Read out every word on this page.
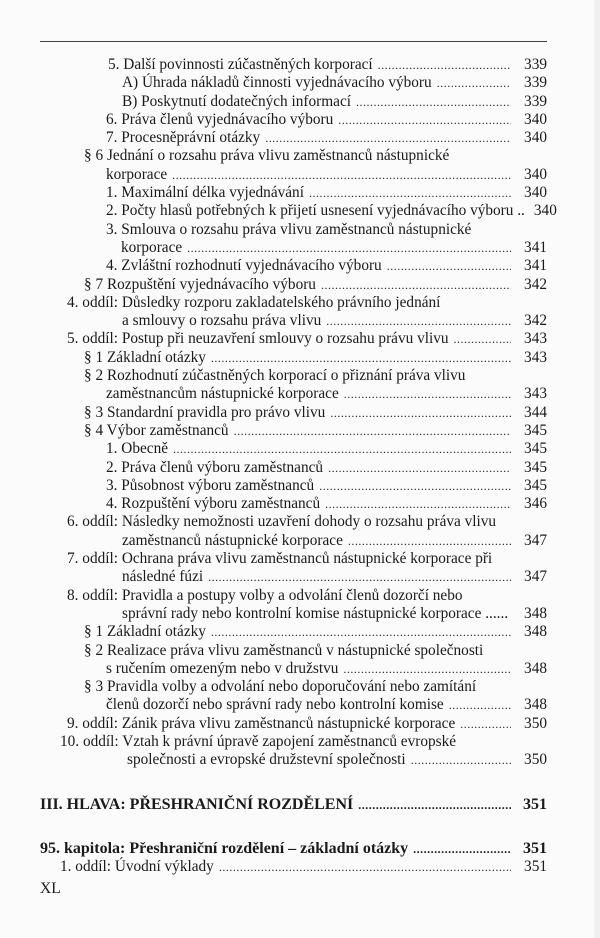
5. Další povinnosti zúčastněných korporací .....	339
A) Úhrada nákladů činnosti vyjednávacího výboru .....	339
B) Poskytnutí dodatečných informací .....	339
6. Práva členů vyjednávacího výboru .....	340
7. Procesněprávní otázky .....	340
§ 6 Jednání o rozsahu práva vlivu zaměstnanců nástupnické
korporace .....	340
1. Maximální délka vyjednávání .....	340
2. Počty hlasů potřebných k přijetí usnesení vyjednávacího výboru .. 340
3. Smlouva o rozsahu práva vlivu zaměstnanců nástupnické
korporace .....	341
4. Zvláštní rozhodnutí vyjednávacího výboru .....	341
§ 7 Rozpuštění vyjednávacího výboru .....	342
4. oddíl: Důsledky rozporu zakladatelského právního jednání
a smlouvy o rozsahu práva vlivu .....	342
5. oddíl: Postup při neuzavření smlouvy o rozsahu právu vlivu .....	343
§ 1 Základní otázky .....	343
§ 2 Rozhodnutí zúčastněných korporací o přiznání práva vlivu
zaměstnancům nástupnické korporace .....	343
§ 3 Standardní pravidla pro právo vlivu .....	344
§ 4 Výbor zaměstnanců .....	345
1. Obecně .....	345
2. Práva členů výboru zaměstnanců .....	345
3. Působnost výboru zaměstnanců .....	345
4. Rozpuštění výboru zaměstnanců .....	346
6. oddíl: Následky nemožnosti uzavření dohody o rozsahu práva vlivu
zaměstnanců nástupnické korporace .....	347
7. oddíl: Ochrana práva vlivu zaměstnanců nástupnické korporace při
následné fúzi .....	347
8. oddíl: Pravidla a postupy volby a odvolání členů dozorčí nebo
správní rady nebo kontrolní komise nástupnické korporace ......	348
§ 1 Základní otázky .....	348
§ 2 Realizace práva vlivu zaměstnanců v nástupnické společnosti
s ručením omezeným nebo v družstvu .....	348
§ 3 Pravidla volby a odvolání nebo doporučování nebo zamítání
členů dozorčí nebo správní rady nebo kontrolní komise .....	348
9. oddíl: Zánik práva vlivu zaměstnanců nástupnické korporace .....	350
10. oddíl: Vztah k právní úpravě zapojení zaměstnanců evropské
společnosti a evropské družstevní společnosti .....	350
III. HLAVA: PŘESHRANIČNÍ ROZDĚLENÍ .....	351
95. kapitola: Přeshraniční rozdělení – základní otázky .....	351
1. oddíl: Úvodní výklady .....	351
XL
